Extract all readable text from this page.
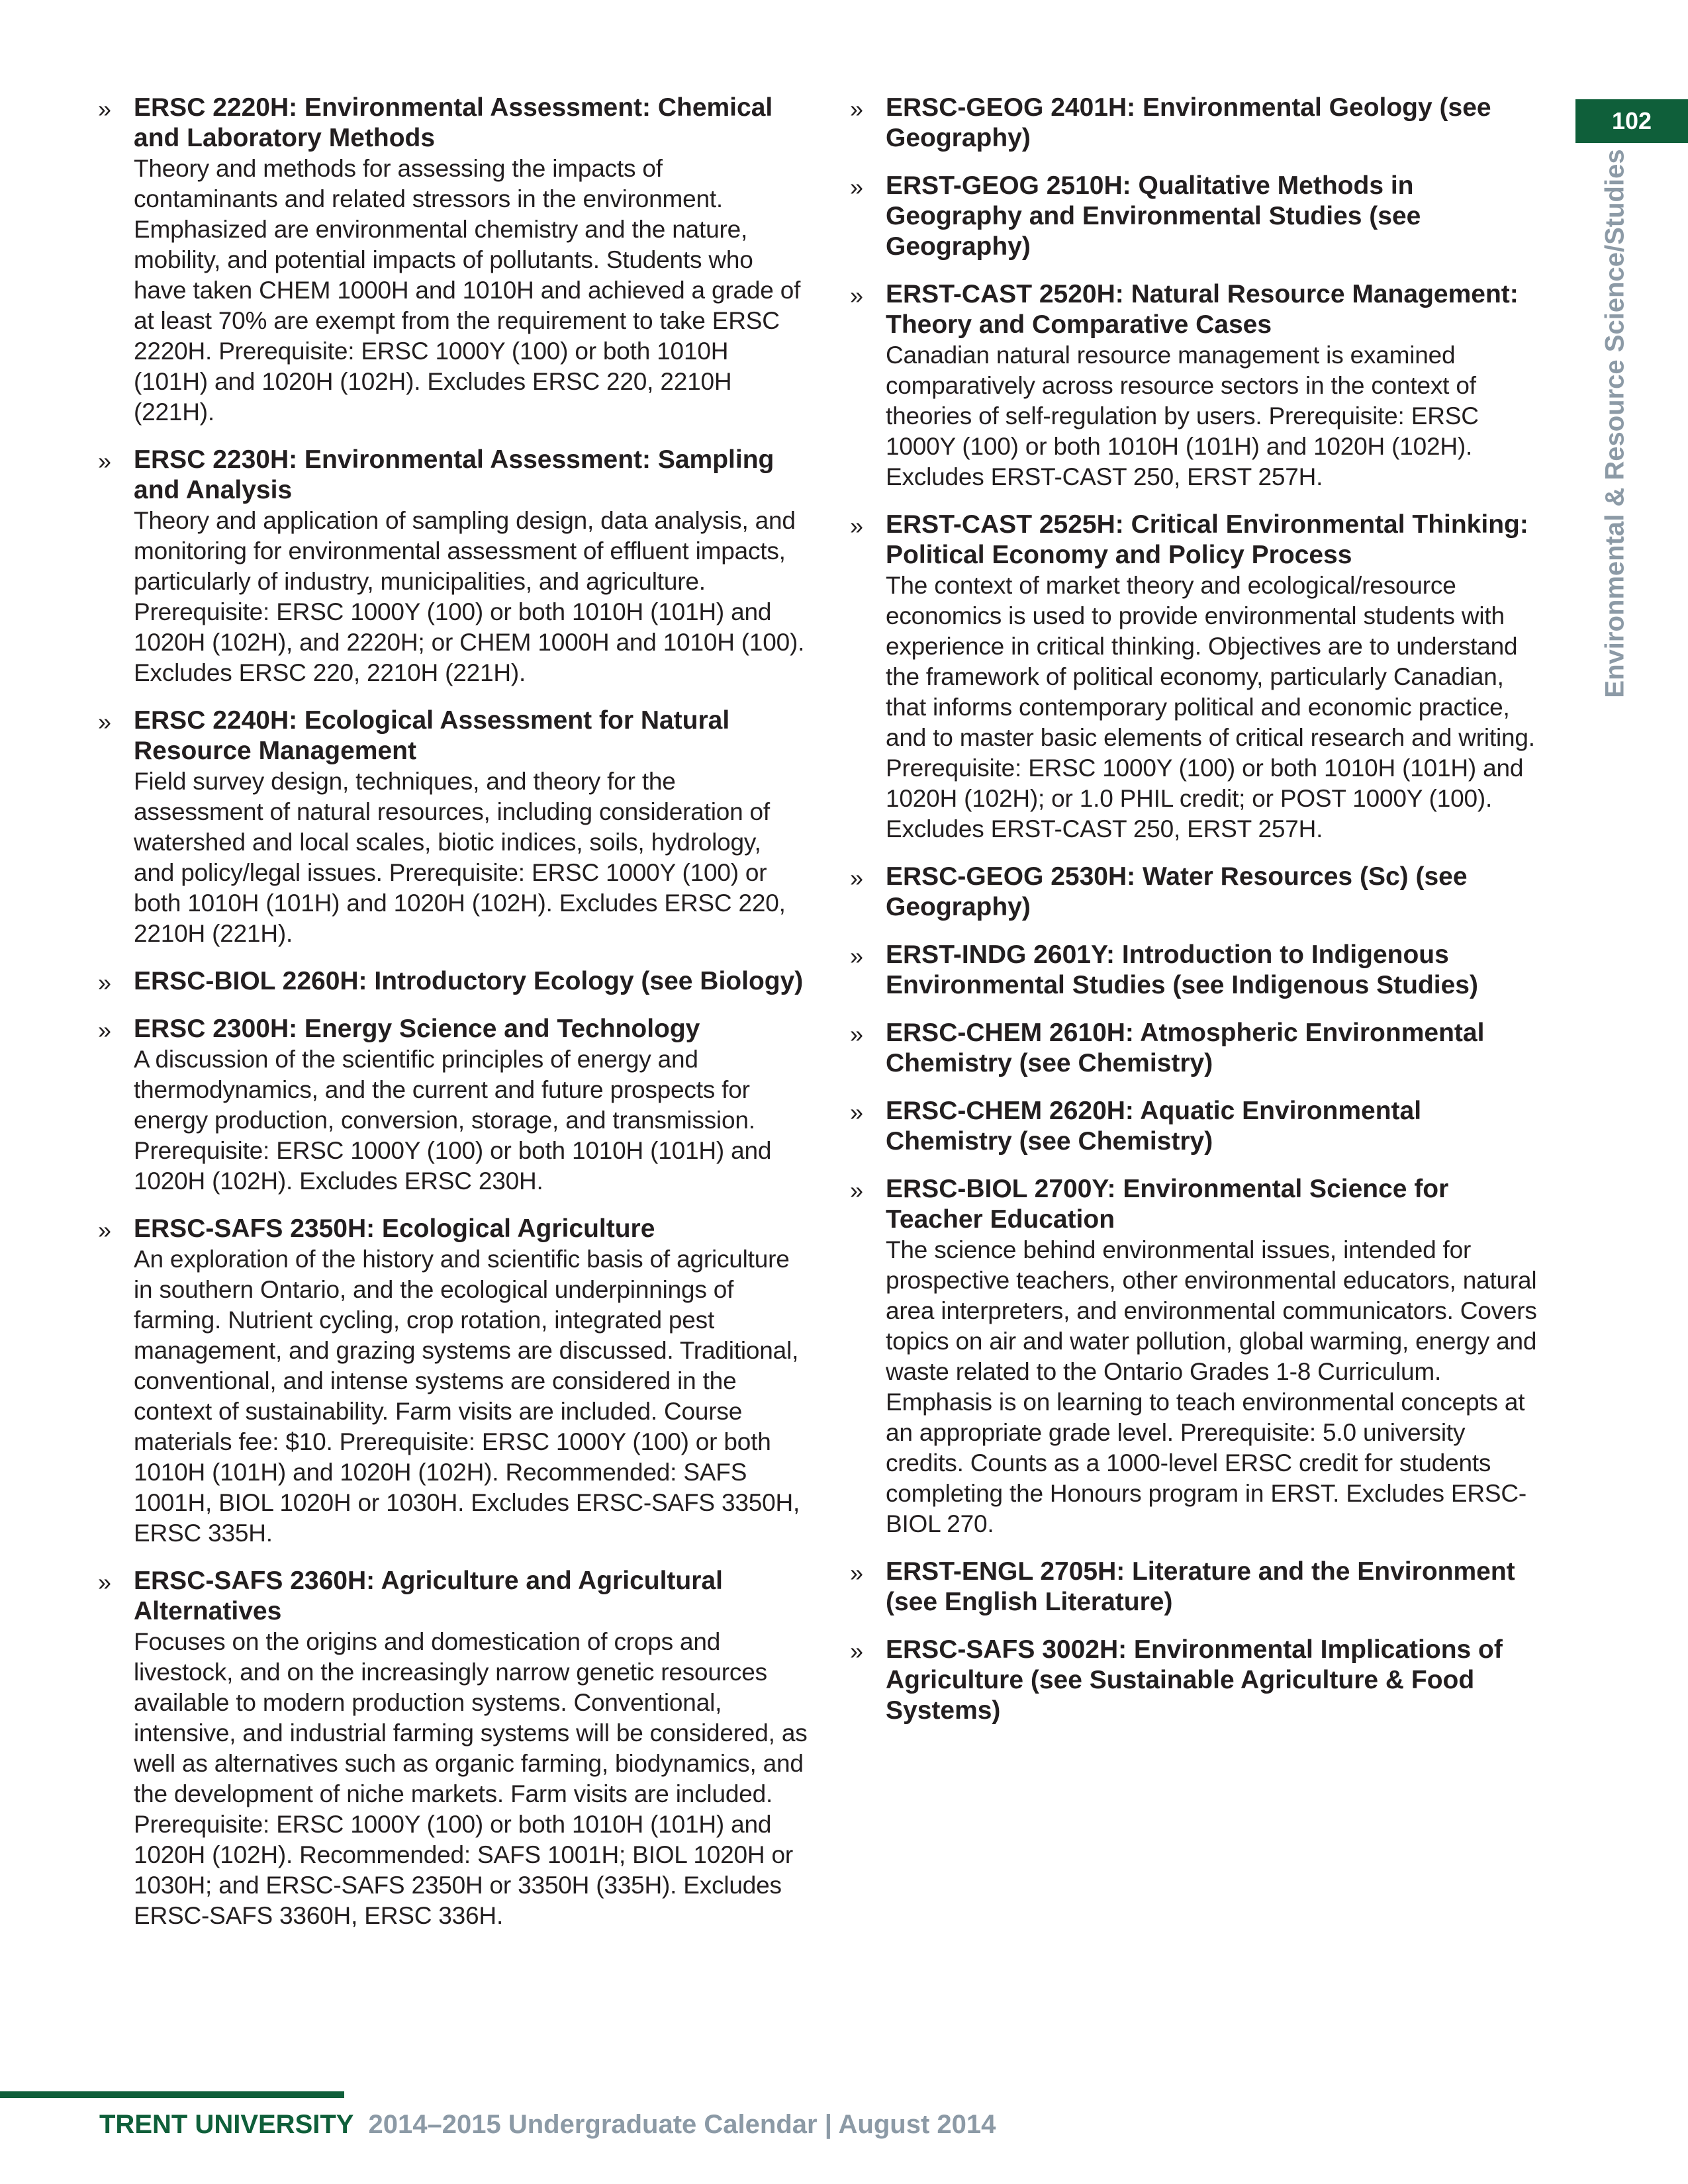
102
Environmental & Resource Science/Studies
» ERSC 2220H: Environmental Assessment: Chemical and Laboratory Methods
Theory and methods for assessing the impacts of contaminants and related stressors in the environment. Emphasized are environmental chemistry and the nature, mobility, and potential impacts of pollutants. Students who have taken CHEM 1000H and 1010H and achieved a grade of at least 70% are exempt from the requirement to take ERSC 2220H. Prerequisite: ERSC 1000Y (100) or both 1010H (101H) and 1020H (102H). Excludes ERSC 220, 2210H (221H).
» ERSC 2230H: Environmental Assessment: Sampling and Analysis
Theory and application of sampling design, data analysis, and monitoring for environmental assessment of effluent impacts, particularly of industry, municipalities, and agriculture. Prerequisite: ERSC 1000Y (100) or both 1010H (101H) and 1020H (102H), and 2220H; or CHEM 1000H and 1010H (100). Excludes ERSC 220, 2210H (221H).
» ERSC 2240H: Ecological Assessment for Natural Resource Management
Field survey design, techniques, and theory for the assessment of natural resources, including consideration of watershed and local scales, biotic indices, soils, hydrology, and policy/legal issues. Prerequisite: ERSC 1000Y (100) or both 1010H (101H) and 1020H (102H). Excludes ERSC 220, 2210H (221H).
» ERSC-BIOL 2260H: Introductory Ecology (see Biology)
» ERSC 2300H: Energy Science and Technology
A discussion of the scientific principles of energy and thermodynamics, and the current and future prospects for energy production, conversion, storage, and transmission. Prerequisite: ERSC 1000Y (100) or both 1010H (101H) and 1020H (102H). Excludes ERSC 230H.
» ERSC-SAFS 2350H: Ecological Agriculture
An exploration of the history and scientific basis of agriculture in southern Ontario, and the ecological underpinnings of farming. Nutrient cycling, crop rotation, integrated pest management, and grazing systems are discussed. Traditional, conventional, and intense systems are considered in the context of sustainability. Farm visits are included. Course materials fee: $10. Prerequisite: ERSC 1000Y (100) or both 1010H (101H) and 1020H (102H). Recommended: SAFS 1001H, BIOL 1020H or 1030H. Excludes ERSC-SAFS 3350H, ERSC 335H.
» ERSC-SAFS 2360H: Agriculture and Agricultural Alternatives
Focuses on the origins and domestication of crops and livestock, and on the increasingly narrow genetic resources available to modern production systems. Conventional, intensive, and industrial farming systems will be considered, as well as alternatives such as organic farming, biodynamics, and the development of niche markets. Farm visits are included. Prerequisite: ERSC 1000Y (100) or both 1010H (101H) and 1020H (102H). Recommended: SAFS 1001H; BIOL 1020H or 1030H; and ERSC-SAFS 2350H or 3350H (335H). Excludes ERSC-SAFS 3360H, ERSC 336H.
» ERSC-GEOG 2401H: Environmental Geology (see Geography)
» ERST-GEOG 2510H: Qualitative Methods in Geography and Environmental Studies (see Geography)
» ERST-CAST 2520H: Natural Resource Management: Theory and Comparative Cases
Canadian natural resource management is examined comparatively across resource sectors in the context of theories of self-regulation by users. Prerequisite: ERSC 1000Y (100) or both 1010H (101H) and 1020H (102H). Excludes ERST-CAST 250, ERST 257H.
» ERST-CAST 2525H: Critical Environmental Thinking: Political Economy and Policy Process
The context of market theory and ecological/resource economics is used to provide environmental students with experience in critical thinking. Objectives are to understand the framework of political economy, particularly Canadian, that informs contemporary political and economic practice, and to master basic elements of critical research and writing. Prerequisite: ERSC 1000Y (100) or both 1010H (101H) and 1020H (102H); or 1.0 PHIL credit; or POST 1000Y (100). Excludes ERST-CAST 250, ERST 257H.
» ERSC-GEOG 2530H: Water Resources (Sc) (see Geography)
» ERST-INDG 2601Y: Introduction to Indigenous Environmental Studies (see Indigenous Studies)
» ERSC-CHEM 2610H: Atmospheric Environmental Chemistry (see Chemistry)
» ERSC-CHEM 2620H: Aquatic Environmental Chemistry (see Chemistry)
» ERSC-BIOL 2700Y: Environmental Science for Teacher Education
The science behind environmental issues, intended for prospective teachers, other environmental educators, natural area interpreters, and environmental communicators. Covers topics on air and water pollution, global warming, energy and waste related to the Ontario Grades 1-8 Curriculum. Emphasis is on learning to teach environmental concepts at an appropriate grade level. Prerequisite: 5.0 university credits. Counts as a 1000-level ERSC credit for students completing the Honours program in ERST. Excludes ERSC-BIOL 270.
» ERST-ENGL 2705H: Literature and the Environment (see English Literature)
» ERSC-SAFS 3002H: Environmental Implications of Agriculture (see Sustainable Agriculture & Food Systems)
TRENT UNIVERSITY 2014–2015 Undergraduate Calendar | August 2014
